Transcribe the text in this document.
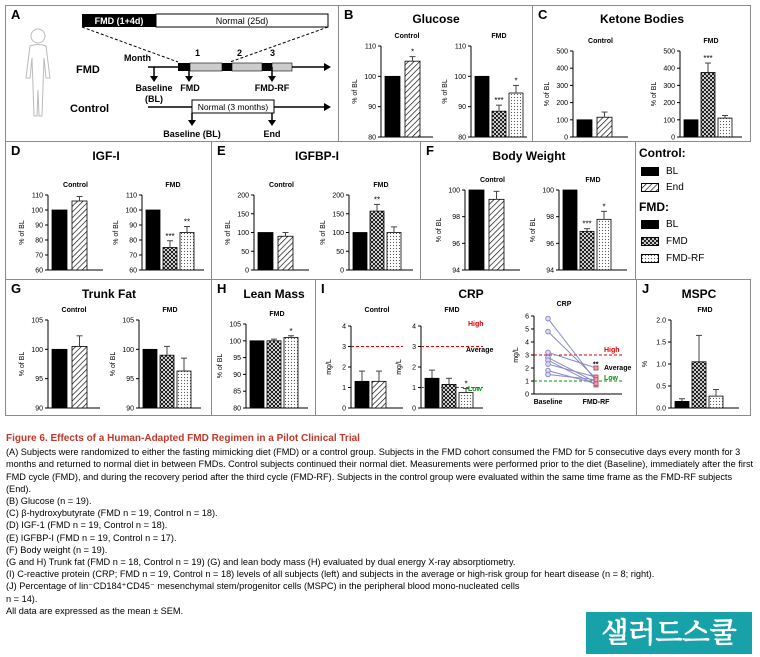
A	FMD (1+4d)	Normal (25d)
Month	1	2	3
FMD
Baseline
(BL)
FMD	FMD-RF
Control	Normal (3 months)
Baseline (BL)	End
B	Glucose
80
90
100
110
% of BL
Control
*
80
90
100
110
% of BL
FMD
***
*
C	Ketone Bodies
0
100
200
300
400
500
% of BL
Control
0
100
200
300
400
500
% of BL
FMD
***
D	IGF-I
60
70
80
90
100
110
% of BL
Control
60
70
80
90
100
110
% of BL
FMD
***
**
E	IGFBP-I
0
50
100
150
200
% of BL
Control
0
50
100
150
200
% of BL
FMD
**
F	Body Weight
94
96
98
100
% of BL
Control
94
96
98
100
% of BL
FMD
***
*
G	Trunk Fat
90
95
100
105
% of BL
Control
90
95
100
105
% of BL
FMD
H Lean Mass
80
85
90
95
100
105
% of BL
FMD
*
I	CRP
0
1
2
3
4
mg/L
Control
0
1
2
3
4
mg/L
FMD
*
High
Average
Low
CRP
0
1
2
3
4
5
6
mg/L
**
High
Average
Low
Baseline	FMD-RF
J	MSPC
0.0
0.5
1.0
1.5
2.0
%
FMD
Control:
BL
End
FMD:
BL
FMD
FMD-RF
Figure 6. Effects of a Human-Adapted FMD Regimen in a Pilot Clinical Trial

(A) Subjects were randomized to either the fasting mimicking diet (FMD) or a control group. Subjects in the FMD cohort consumed the FMD for 5 consecutive days every month for 3 months and returned to normal diet in between FMDs. Control subjects continued their normal diet. Measurements were performed prior to the diet (Baseline), immediately after the first FMD cycle (FMD), and during the recovery period after the third cycle (FMD-RF). Subjects in the control group were evaluated within the same time frame as the FMD-RF subjects (End).

(B) Glucose (n = 19).

(C) β-hydroxybutyrate (FMD n = 19, Control n = 18).

(D) IGF-1 (FMD n = 19, Control n = 18).

(E) IGFBP-I (FMD n = 19, Control n = 17).

(F) Body weight (n = 19).

(G and H) Trunk fat (FMD n = 18, Control n = 19) (G) and lean body mass (H) evaluated by dual energy X-ray absorptiometry.

(I) C-reactive protein (CRP; FMD n = 19, Control n = 18) levels of all subjects (left) and subjects in the average or high-risk group for heart disease (n = 8; right).

(J) Percentage of lin⁻CD184⁺CD45⁻ mesenchymal stem/progenitor cells (MSPC) in the peripheral blood mono-nucleated cells

n = 14).

All data are expressed as the mean ± SEM.

샐러드스쿨
